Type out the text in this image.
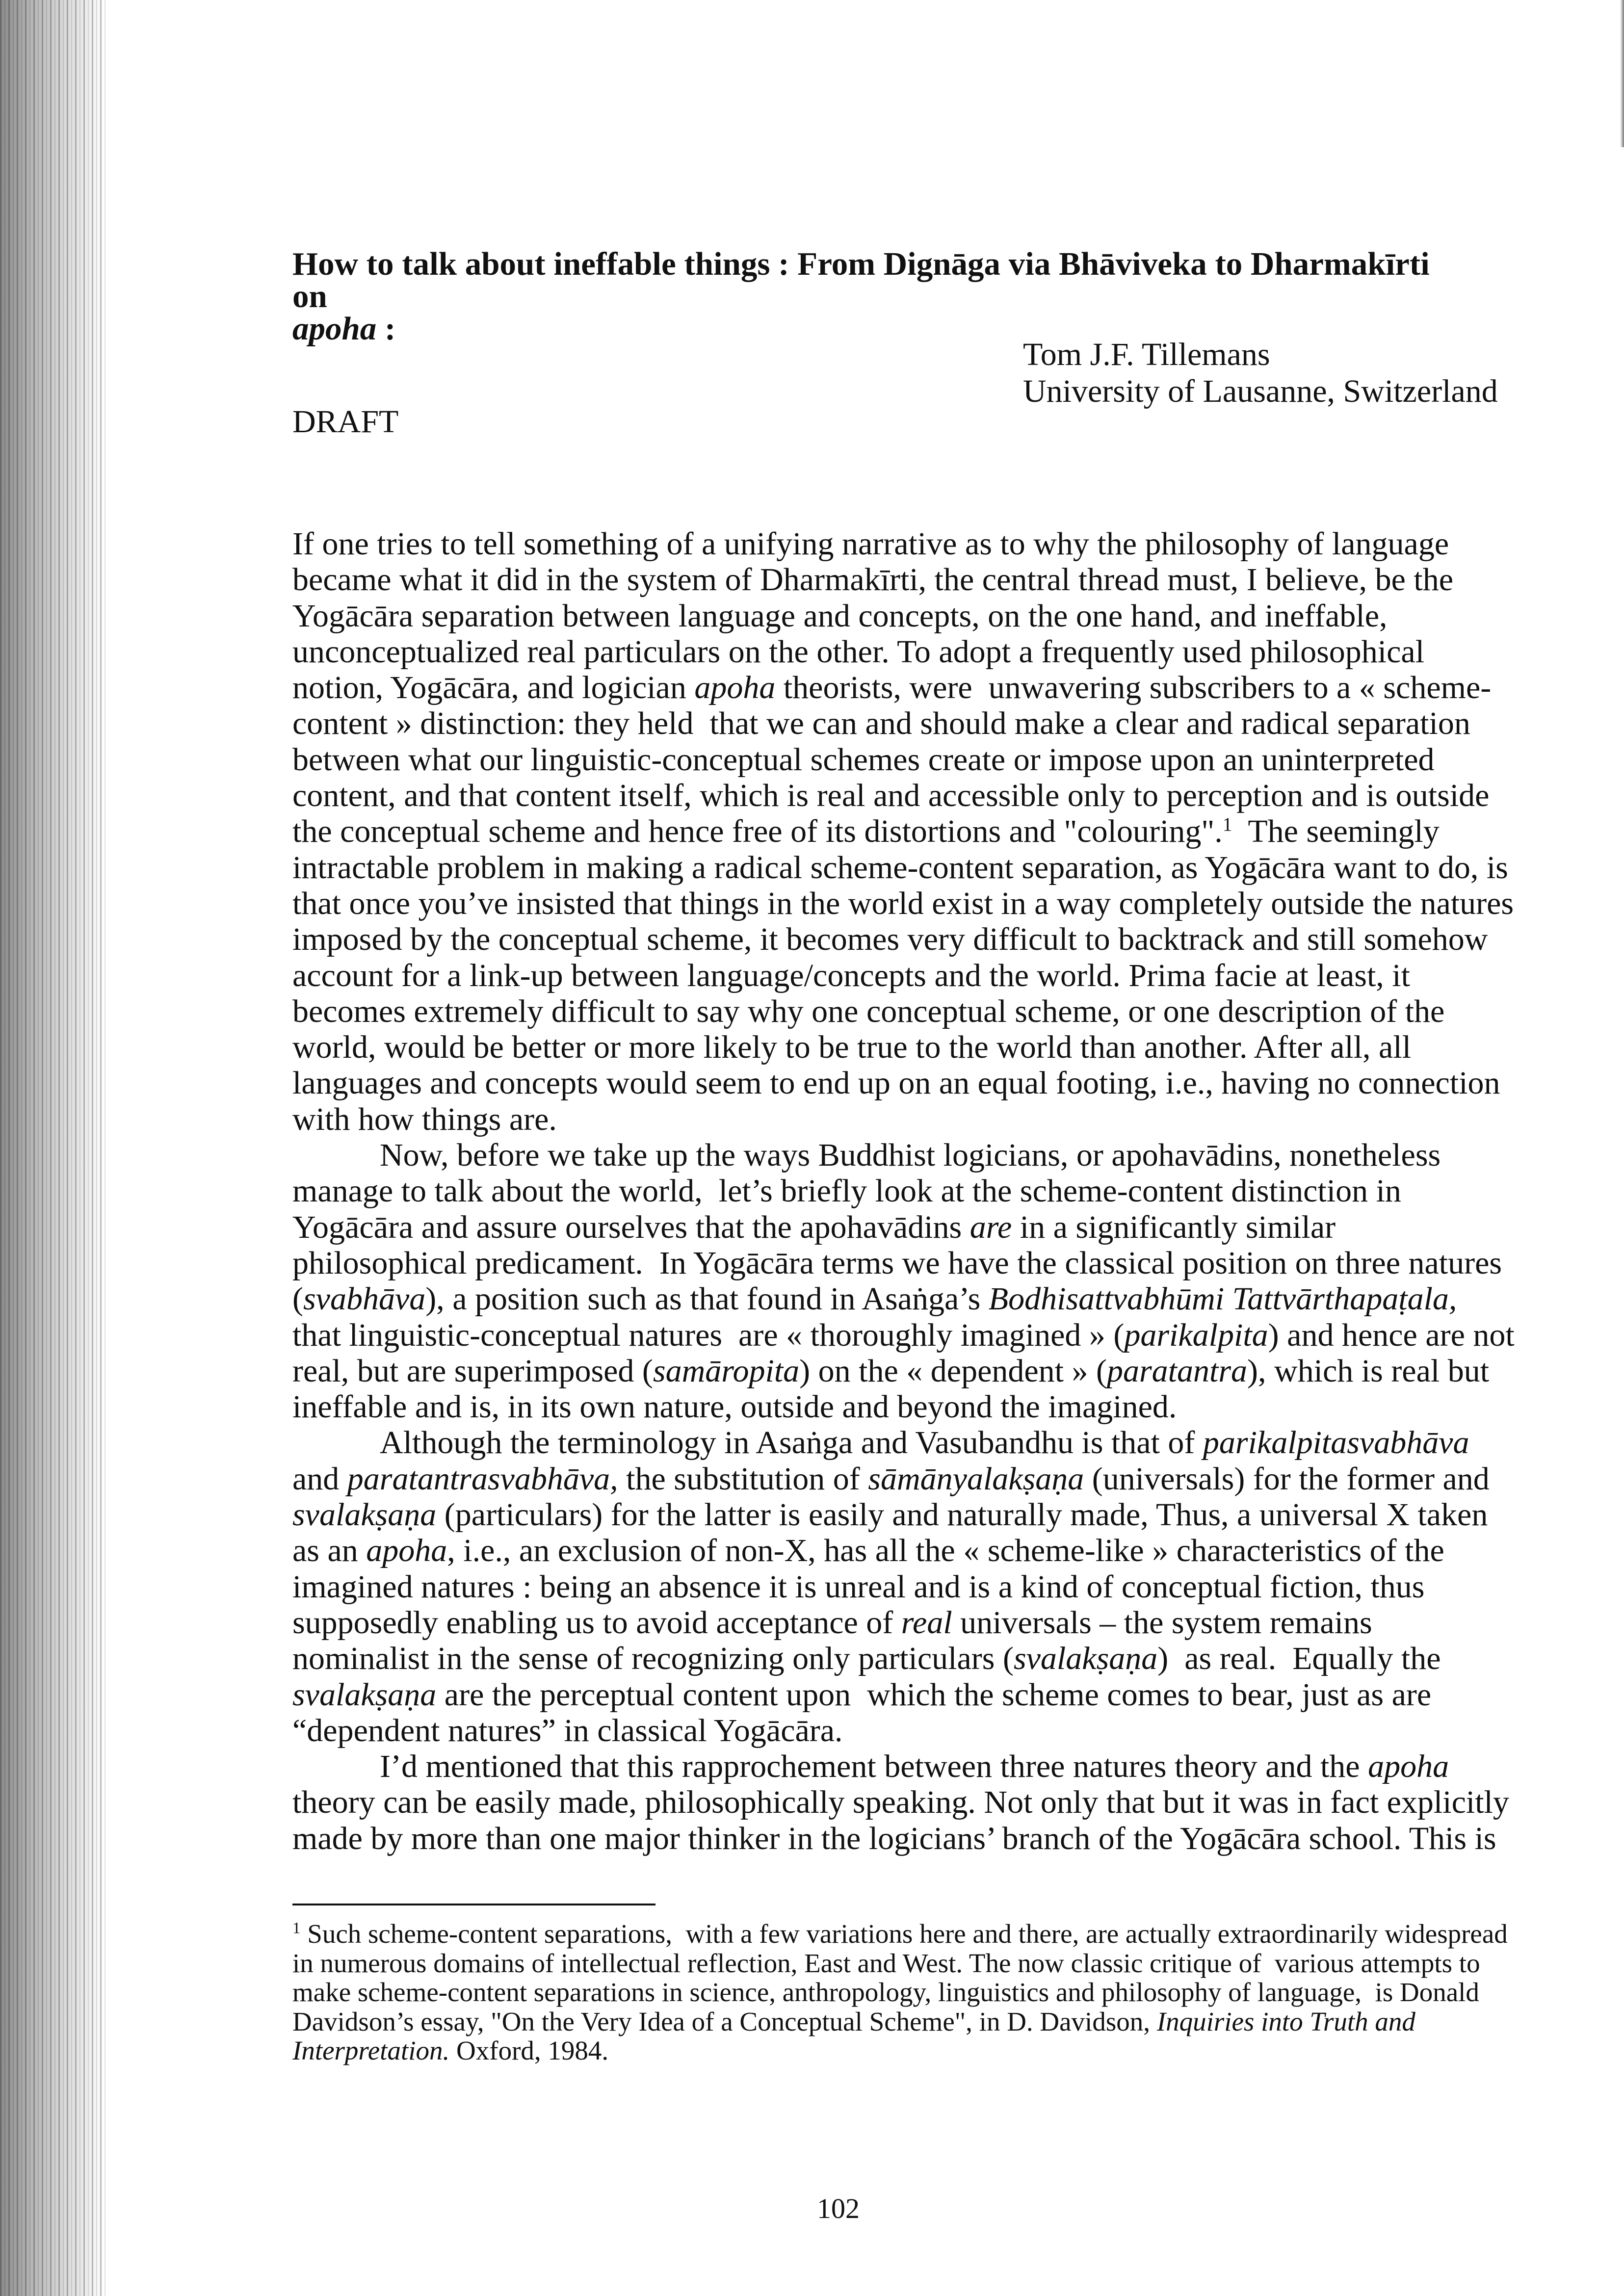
How to talk about ineffable things : From Dignāga via Bhāviveka to Dharmakīrti on
apoha :
Tom J.F. Tillemans
University of Lausanne, Switzerland
DRAFT
If one tries to tell something of a unifying narrative as to why the philosophy of language
became what it did in the system of Dharmakīrti, the central thread must, I believe, be the
Yogācāra separation between language and concepts, on the one hand, and ineffable,
unconceptualized real particulars on the other. To adopt a frequently used philosophical
notion, Yogācāra, and logician apoha theorists, were  unwavering subscribers to a « scheme-
content » distinction: they held  that we can and should make a clear and radical separation
between what our linguistic-conceptual schemes create or impose upon an uninterpreted
content, and that content itself, which is real and accessible only to perception and is outside
the conceptual scheme and hence free of its distortions and "colouring".$^1$  The seemingly
intractable problem in making a radical scheme-content separation, as Yogācāra want to do, is
that once you’ve insisted that things in the world exist in a way completely outside the natures
imposed by the conceptual scheme, it becomes very difficult to backtrack and still somehow
account for a link-up between language/concepts and the world. Prima facie at least, it
becomes extremely difficult to say why one conceptual scheme, or one description of the
world, would be better or more likely to be true to the world than another. After all, all
languages and concepts would seem to end up on an equal footing, i.e., having no connection
with how things are.
Now, before we take up the ways Buddhist logicians, or apohavādins, nonetheless
manage to talk about the world,  let’s briefly look at the scheme-content distinction in
Yogācāra and assure ourselves that the apohavādins are in a significantly similar
philosophical predicament.  In Yogācāra terms we have the classical position on three natures
(svabhāva), a position such as that found in Asaṅga’s Bodhisattvabhūmi Tattvārthapaṭala,
that linguistic-conceptual natures  are « thoroughly imagined » (parikalpita) and hence are not
real, but are superimposed (samāropita) on the « dependent » (paratantra), which is real but
ineffable and is, in its own nature, outside and beyond the imagined.
Although the terminology in Asaṅga and Vasubandhu is that of parikalpitasvabhāva
and paratantrasvabhāva, the substitution of sāmānyalakṣaṇa (universals) for the former and
svalakṣaṇa (particulars) for the latter is easily and naturally made, Thus, a universal X taken
as an apoha, i.e., an exclusion of non-X, has all the « scheme-like » characteristics of the
imagined natures : being an absence it is unreal and is a kind of conceptual fiction, thus
supposedly enabling us to avoid acceptance of real universals – the system remains
nominalist in the sense of recognizing only particulars (svalakṣaṇa)  as real.  Equally the
svalakṣaṇa are the perceptual content upon  which the scheme comes to bear, just as are
“dependent natures” in classical Yogācāra.
I’d mentioned that this rapprochement between three natures theory and the apoha
theory can be easily made, philosophically speaking. Not only that but it was in fact explicitly
made by more than one major thinker in the logicians’ branch of the Yogācāra school. This is
$^1$ Such scheme-content separations,  with a few variations here and there, are actually extraordinarily widespread
in numerous domains of intellectual reflection, East and West. The now classic critique of  various attempts to
make scheme-content separations in science, anthropology, linguistics and philosophy of language,  is Donald
Davidson’s essay, "On the Very Idea of a Conceptual Scheme", in D. Davidson, Inquiries into Truth and
Interpretation. Oxford, 1984.
102
